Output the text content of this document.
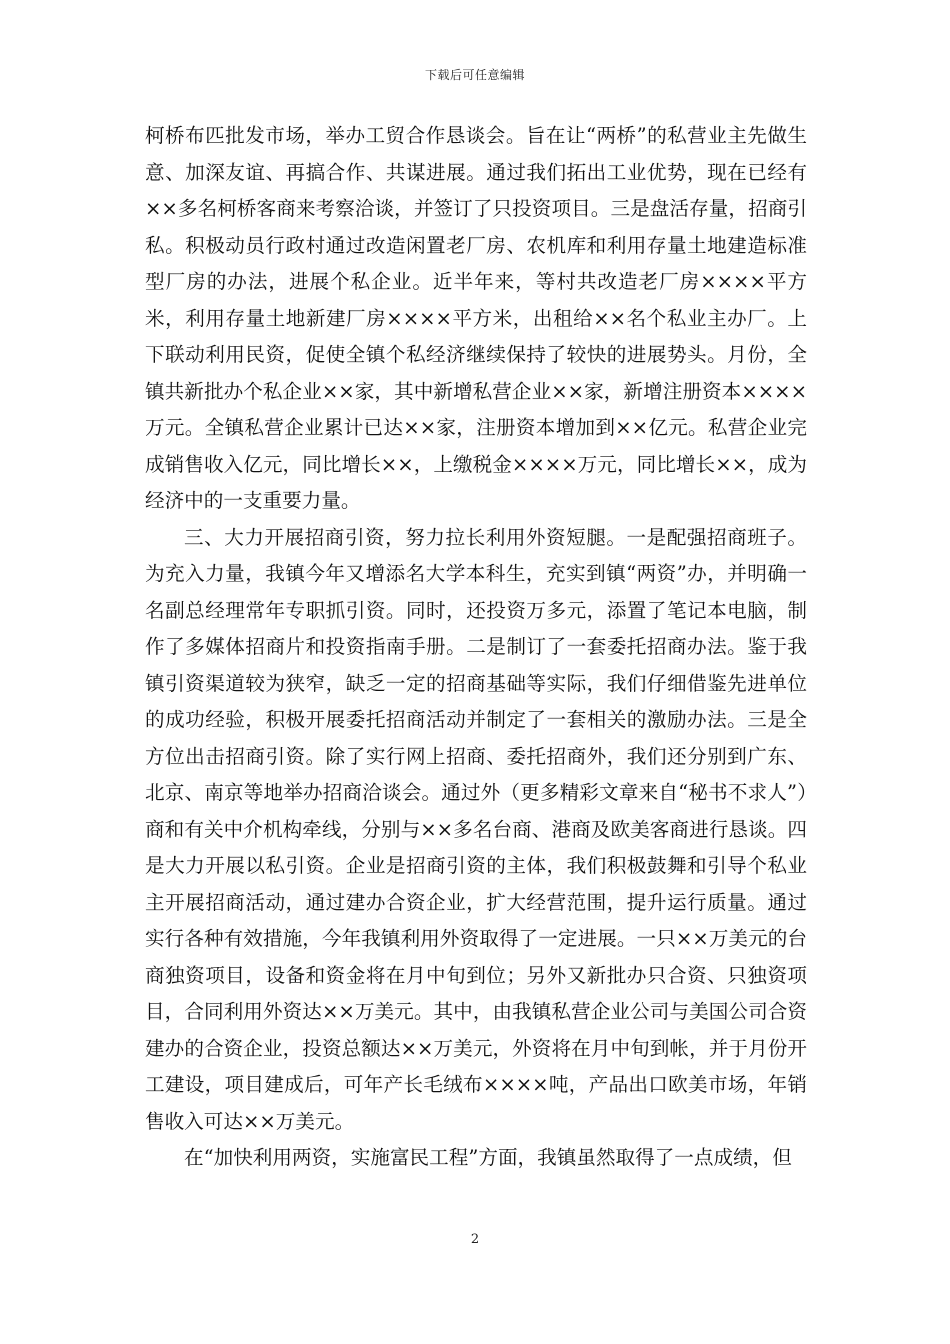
下载后可任意编辑

柯桥布匹批发市场，举办工贸合作恳谈会。旨在让“两桥”的私营业主先做生意、加深友谊、再搞合作、共谋进展。通过我们拓出工业优势，现在已经有××多名柯桥客商来考察洽谈，并签订了只投资项目。三是盘活存量，招商引私。积极动员行政村通过改造闲置老厂房、农机库和利用存量土地建造标准型厂房的办法，进展个私企业。近半年来，等村共改造老厂房××××平方米，利用存量土地新建厂房××××平方米，出租给××名个私业主办厂。上下联动利用民资，促使全镇个私经济继续保持了较快的进展势头。月份，全镇共新批办个私企业××家，其中新增私营企业××家，新增注册资本××××万元。全镇私营企业累计已达××家，注册资本增加到××亿元。私营企业完成销售收入亿元，同比增长××，上缴税金××××万元，同比增长××，成为经济中的一支重要力量。

三、大力开展招商引资，努力拉长利用外资短腿。一是配强招商班子。为充入力量，我镇今年又增添名大学本科生，充实到镇“两资”办，并明确一名副总经理常年专职抓引资。同时，还投资万多元，添置了笔记本电脑，制作了多媒体招商片和投资指南手册。二是制订了一套委托招商办法。鉴于我镇引资渠道较为狭窄，缺乏一定的招商基础等实际，我们仔细借鉴先进单位的成功经验，积极开展委托招商活动并制定了一套相关的激励办法。三是全方位出击招商引资。除了实行网上招商、委托招商外，我们还分别到广东、北京、南京等地举办招商洽谈会。通过外（更多精彩文章来自“秘书不求人”）商和有关中介机构牵线，分别与××多名台商、港商及欧美客商进行恳谈。四是大力开展以私引资。企业是招商引资的主体，我们积极鼓舞和引导个私业主开展招商活动，通过建办合资企业，扩大经营范围，提升运行质量。通过实行各种有效措施，今年我镇利用外资取得了一定进展。一只××万美元的台商独资项目，设备和资金将在月中旬到位；另外又新批办只合资、只独资项目，合同利用外资达××万美元。其中，由我镇私营企业公司与美国公司合资建办的合资企业，投资总额达××万美元，外资将在月中旬到帐，并于月份开工建设，项目建成后，可年产长毛绒布××××吨，产品出口欧美市场，年销售收入可达××万美元。

在“加快利用两资，实施富民工程”方面，我镇虽然取得了一点成绩，但

2
